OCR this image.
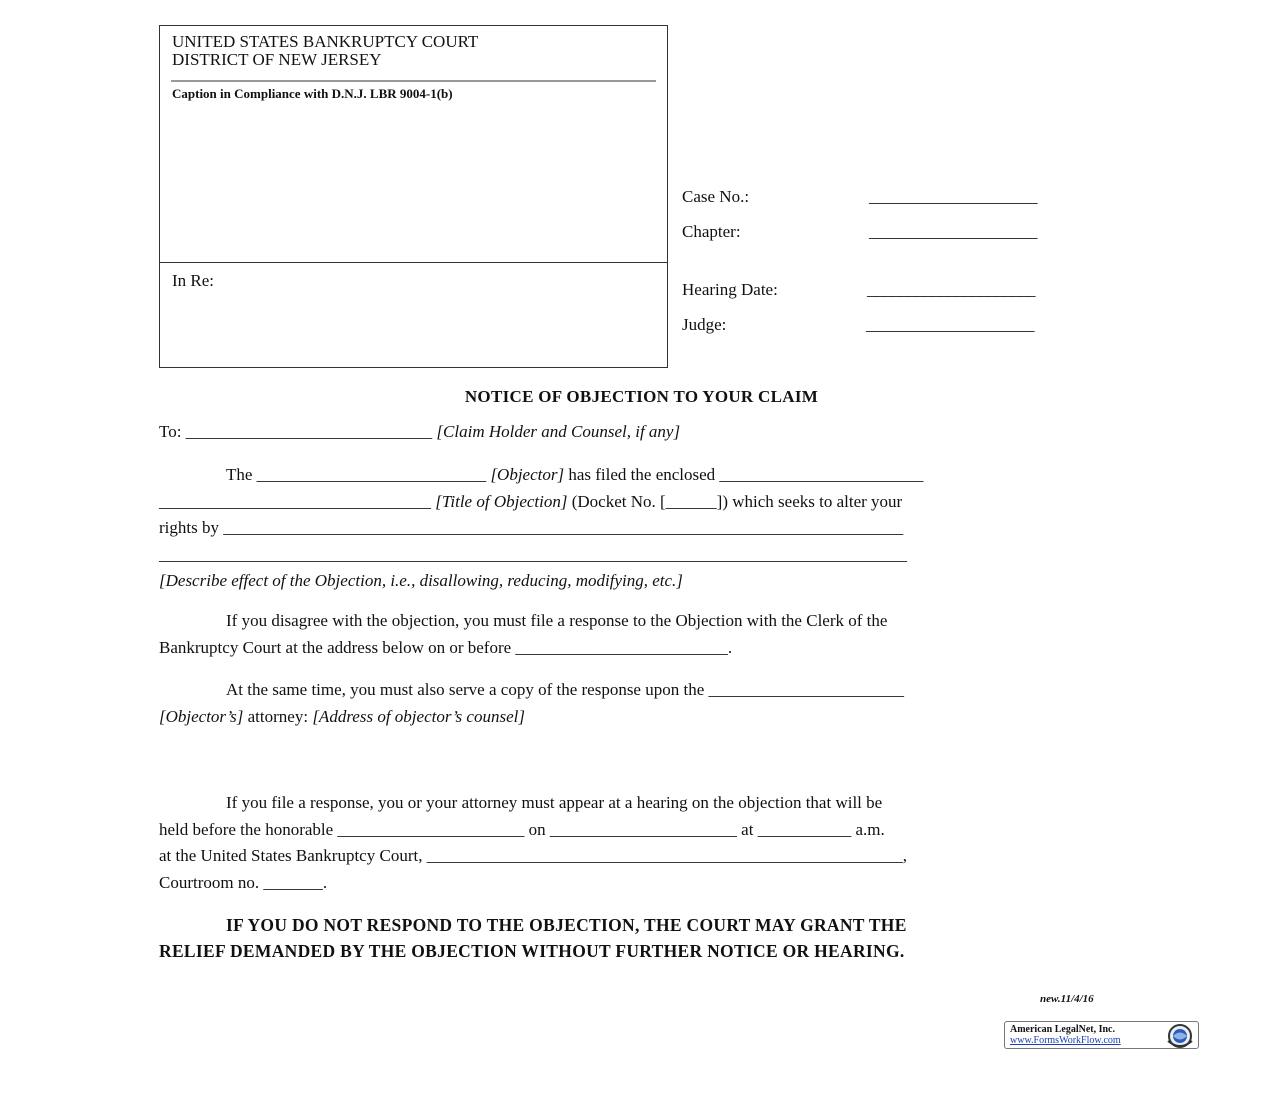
UNITED STATES BANKRUPTCY COURT
DISTRICT OF NEW JERSEY
Caption in Compliance with D.N.J. LBR 9004-1(b)
In Re:
Case No.:	_____________________
Chapter:	_____________________
Hearing Date:	_____________________
Judge:	_____________________
NOTICE OF OBJECTION TO YOUR CLAIM
To: _____________________________ [Claim Holder and Counsel, if any]
The ___________________________ [Objector] has filed the enclosed ________________________
________________________________ [Title of Objection] (Docket No. [______]) which seeks to alter your
rights by ________________________________________________________________________________
________________________________________________________________________________________
[Describe effect of the Objection, i.e., disallowing, reducing, modifying, etc.]
If you disagree with the objection, you must file a response to the Objection with the Clerk of the
Bankruptcy Court at the address below on or before _________________________.
At the same time, you must also serve a copy of the response upon the _______________________
[Objector’s] attorney: [Address of objector’s counsel]
If you file a response, you or your attorney must appear at a hearing on the objection that will be
held before the honorable ______________________ on ______________________ at ___________ a.m.
at the United States Bankruptcy Court, ________________________________________________________,
Courtroom no. _______.
IF YOU DO NOT RESPOND TO THE OBJECTION, THE COURT MAY GRANT THE
RELIEF DEMANDED BY THE OBJECTION WITHOUT FURTHER NOTICE OR HEARING.
new.11/4/16
American LegalNet, Inc.
www.FormsWorkFlow.com
